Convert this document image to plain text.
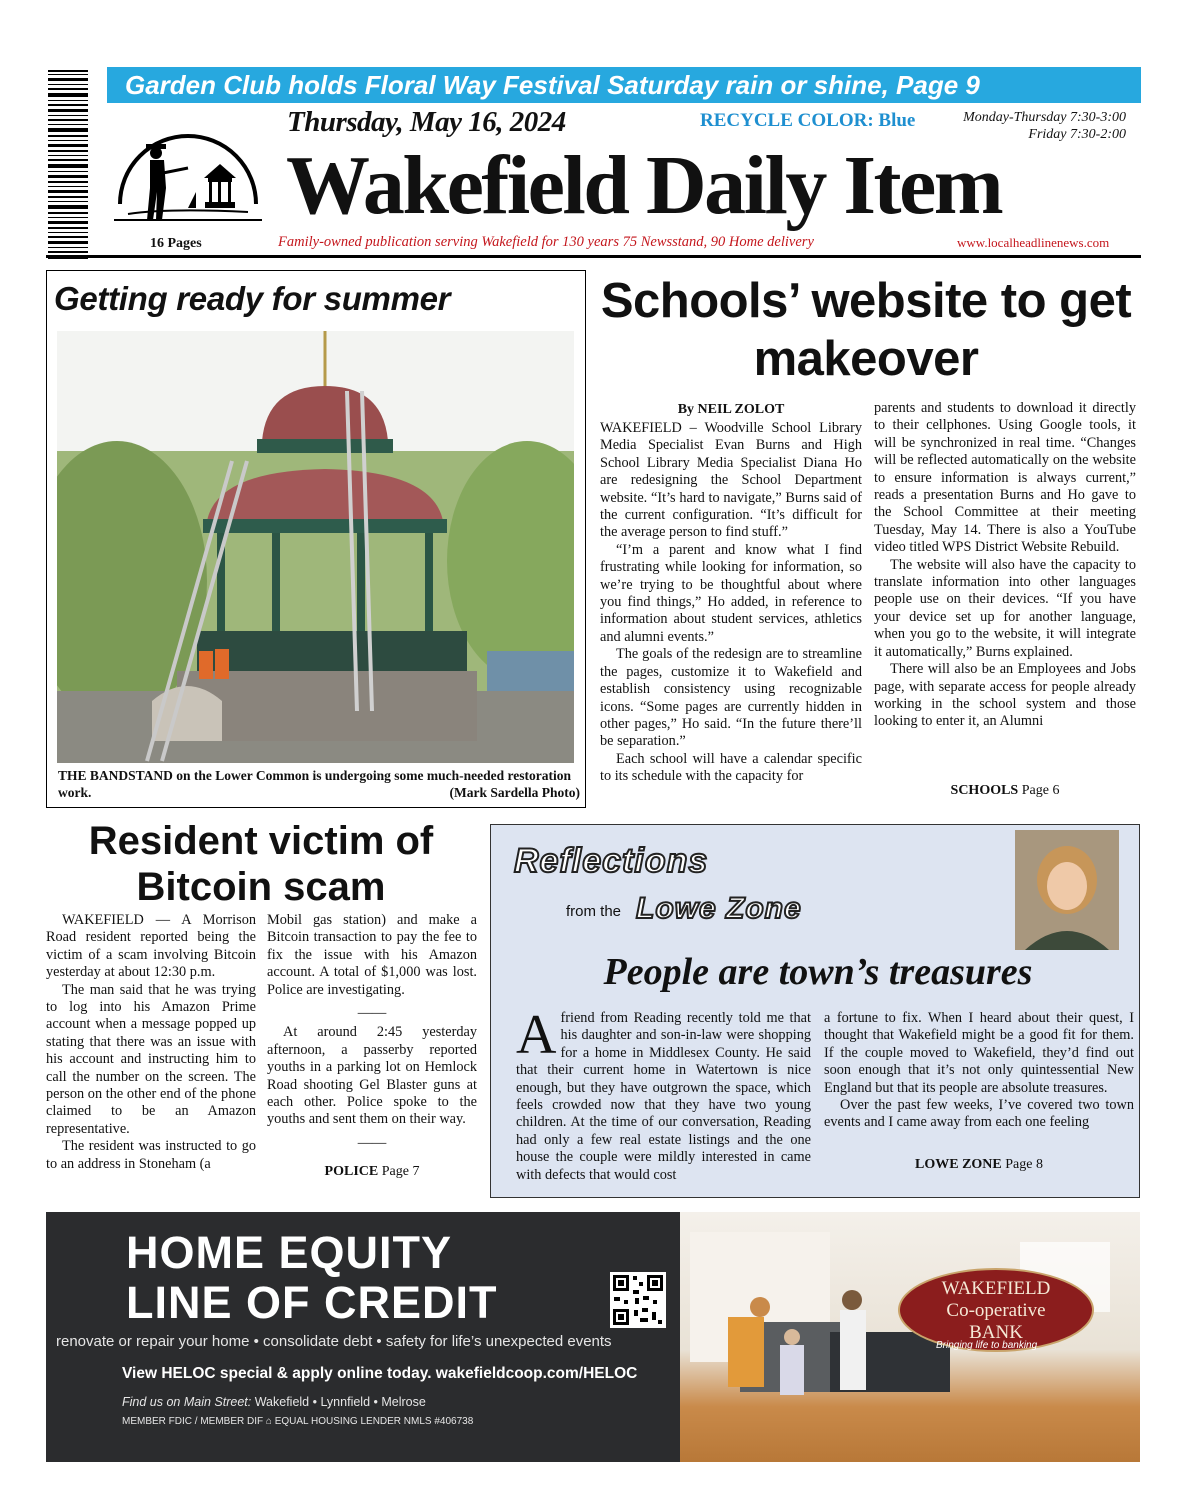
Garden Club holds Floral Way Festival Saturday rain or shine, Page 9
16 Pages
Thursday, May 16, 2024	RECYCLE COLOR: Blue	Monday-Thursday 7:30-3:00
Friday 7:30-2:00
Wakefield Daily Item
Family-owned publication serving Wakefield for 130 years 75 Newsstand, 90 Home delivery	www.localheadlinenews.com
Getting ready for summer
THE BANDSTAND on the Lower Common is undergoing some much-needed restoration work.	(Mark Sardella Photo)
Schools’ website to get makeover
By NEIL ZOLOT

WAKEFIELD – Woodville School Library Media Specialist Evan Burns and High School Library Media Specialist Diana Ho are redesigning the School Department website. “It’s hard to navigate,” Burns said of the current configuration. “It’s difficult for the average person to find stuff.”

“I’m a parent and know what I find frustrating while looking for information, so we’re trying to be thoughtful about where you find things,” Ho added, in reference to information about student services, athletics and alumni events.”

The goals of the redesign are to streamline the pages, customize it to Wakefield and establish consistency using recognizable icons. “Some pages are currently hidden in other pages,” Ho said. “In the future there’ll be separation.”

Each school will have a calendar specific to its schedule with the capacity for

parents and students to download it directly to their cellphones. Using Google tools, it will be synchronized in real time. “Changes will be reflected automatically on the website to ensure information is always current,” reads a presentation Burns and Ho gave to the School Committee at their meeting Tuesday, May 14. There is also a YouTube video titled WPS District Website Rebuild.

The website will also have the capacity to translate information into other languages people use on their devices. “If you have your device set up for another language, when you go to the website, it will integrate it automatically,” Burns explained.

There will also be an Employees and Jobs page, with separate access for people already working in the school system and those looking to enter it, an Alumni

SCHOOLS Page 6
Resident victim of Bitcoin scam

WAKEFIELD — A Morrison Road resident reported being the victim of a scam involving Bitcoin yesterday at about 12:30 p.m.

The man said that he was trying to log into his Amazon Prime account when a message popped up stating that there was an issue with his account and instructing him to call the number on the screen. The person on the other end of the phone claimed to be an Amazon representative.

The resident was instructed to go to an address in Stoneham (a

Mobil gas station) and make a Bitcoin transaction to pay the fee to fix the issue with his Amazon account. A total of $1,000 was lost. Police are investigating.

——

At around 2:45 yesterday afternoon, a passerby reported youths in a parking lot on Hemlock Road shooting Gel Blaster guns at each other. Police spoke to the youths and sent them on their way.

——
POLICE Page 7
Reflections
from the Lowe Zone
People are town’s treasures

Afriend from Reading recently told me that his daughter and son-in-law were shopping for a home in Middlesex County. He said that their current home in Watertown is nice enough, but they have outgrown the space, which feels crowded now that they have two young children. At the time of our conversation, Reading had only a few real estate listings and the one house the couple were mildly interested in came with defects that would cost

a fortune to fix. When I heard about their quest, I thought that Wakefield might be a good fit for them. If the couple moved to Wakefield, they’d find out soon enough that it’s not only quintessential New England but that its people are absolute treasures.

Over the past few weeks, I’ve covered two town events and I came away from each one feeling

LOWE ZONE Page 8
HOME EQUITY
LINE OF CREDIT
renovate or repair your home • consolidate debt • safety for life’s unexpected events
View HELOC special & apply online today. wakefieldcoop.com/HELOC
Find us on Main Street: Wakefield • Lynnfield • Melrose
MEMBER FDIC / MEMBER DIF ⌂ EQUAL HOUSING LENDER NMLS #406738
WAKEFIELD
Co-operative
BANK
Bringing life to banking
